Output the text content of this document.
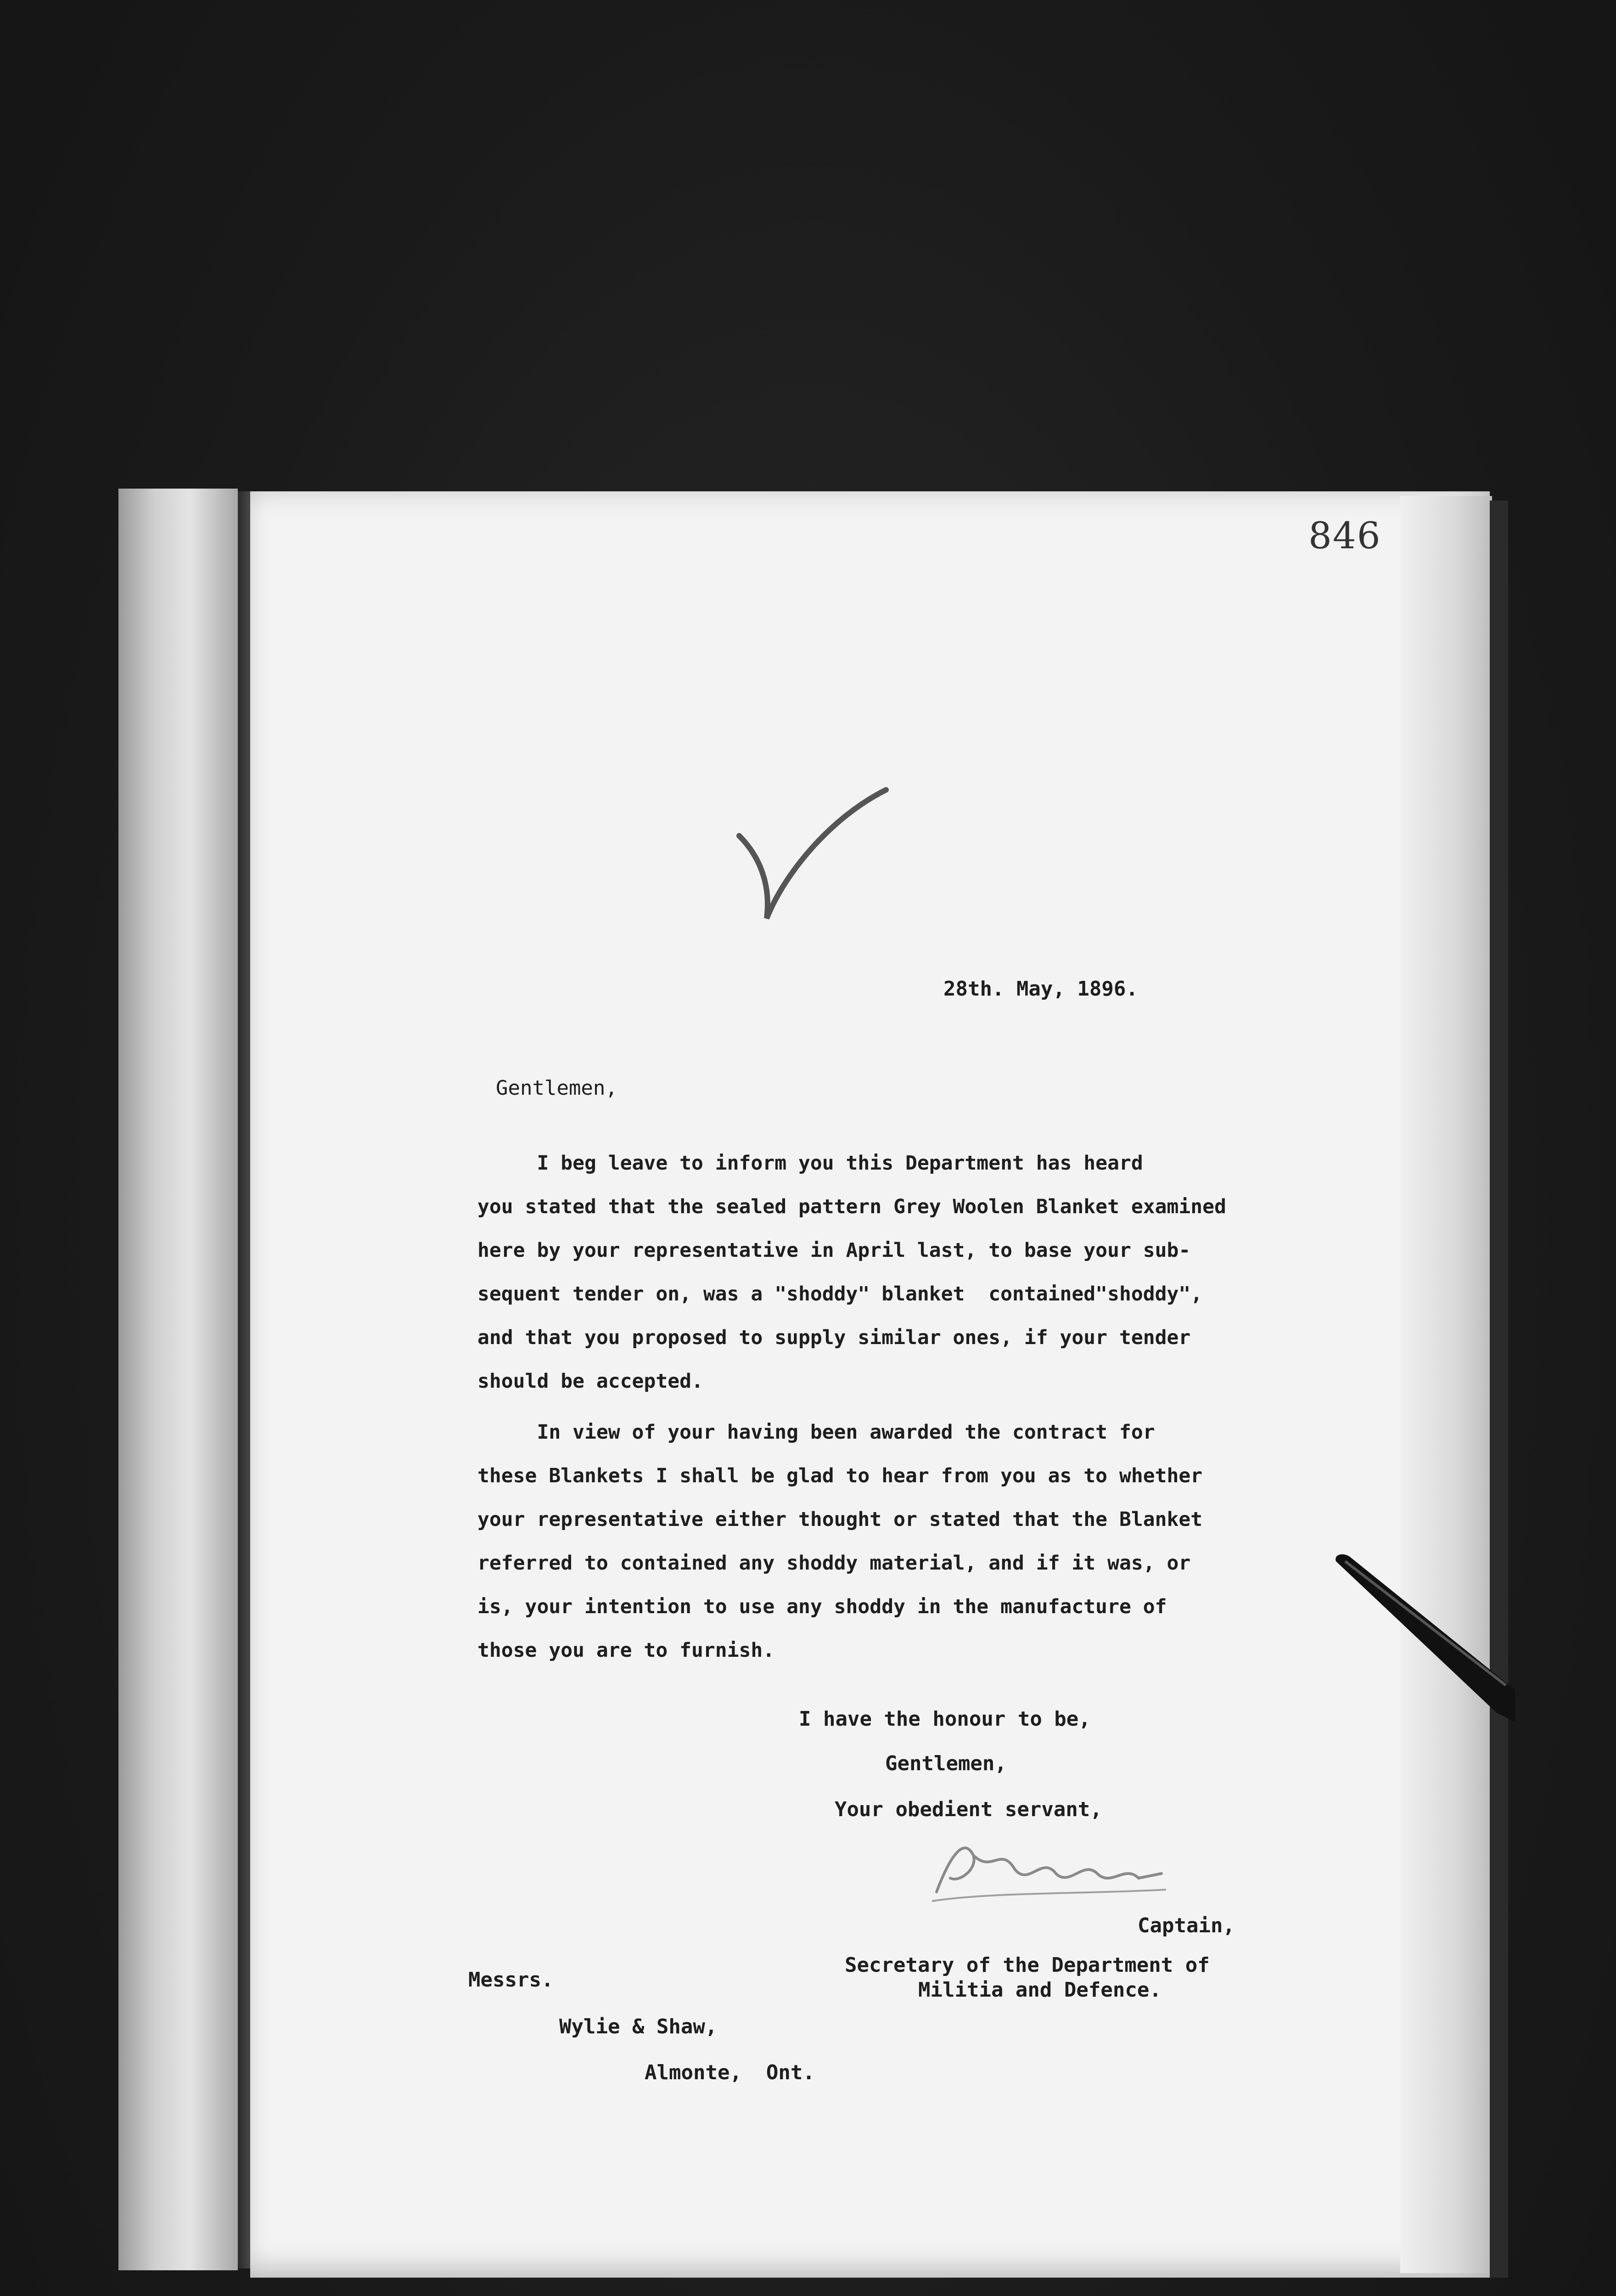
846
28th. May, 1896.
Gentlemen,
I beg leave to inform you this Department has heard
you stated that the sealed pattern Grey Woolen Blanket examined
here by your representative in April last, to base your sub-
sequent tender on, was a "shoddy" blanket  contained"shoddy",
and that you proposed to supply similar ones, if your tender
should be accepted.
In view of your having been awarded the contract for
these Blankets I shall be glad to hear from you as to whether
your representative either thought or stated that the Blanket
referred to contained any shoddy material, and if it was, or
is, your intention to use any shoddy in the manufacture of
those you are to furnish.
I have the honour to be,
Gentlemen,
Your obedient servant,
Captain,
Secretary of the Department of
Militia and Defence.
Messrs.
Wylie & Shaw,
Almonte,  Ont.
